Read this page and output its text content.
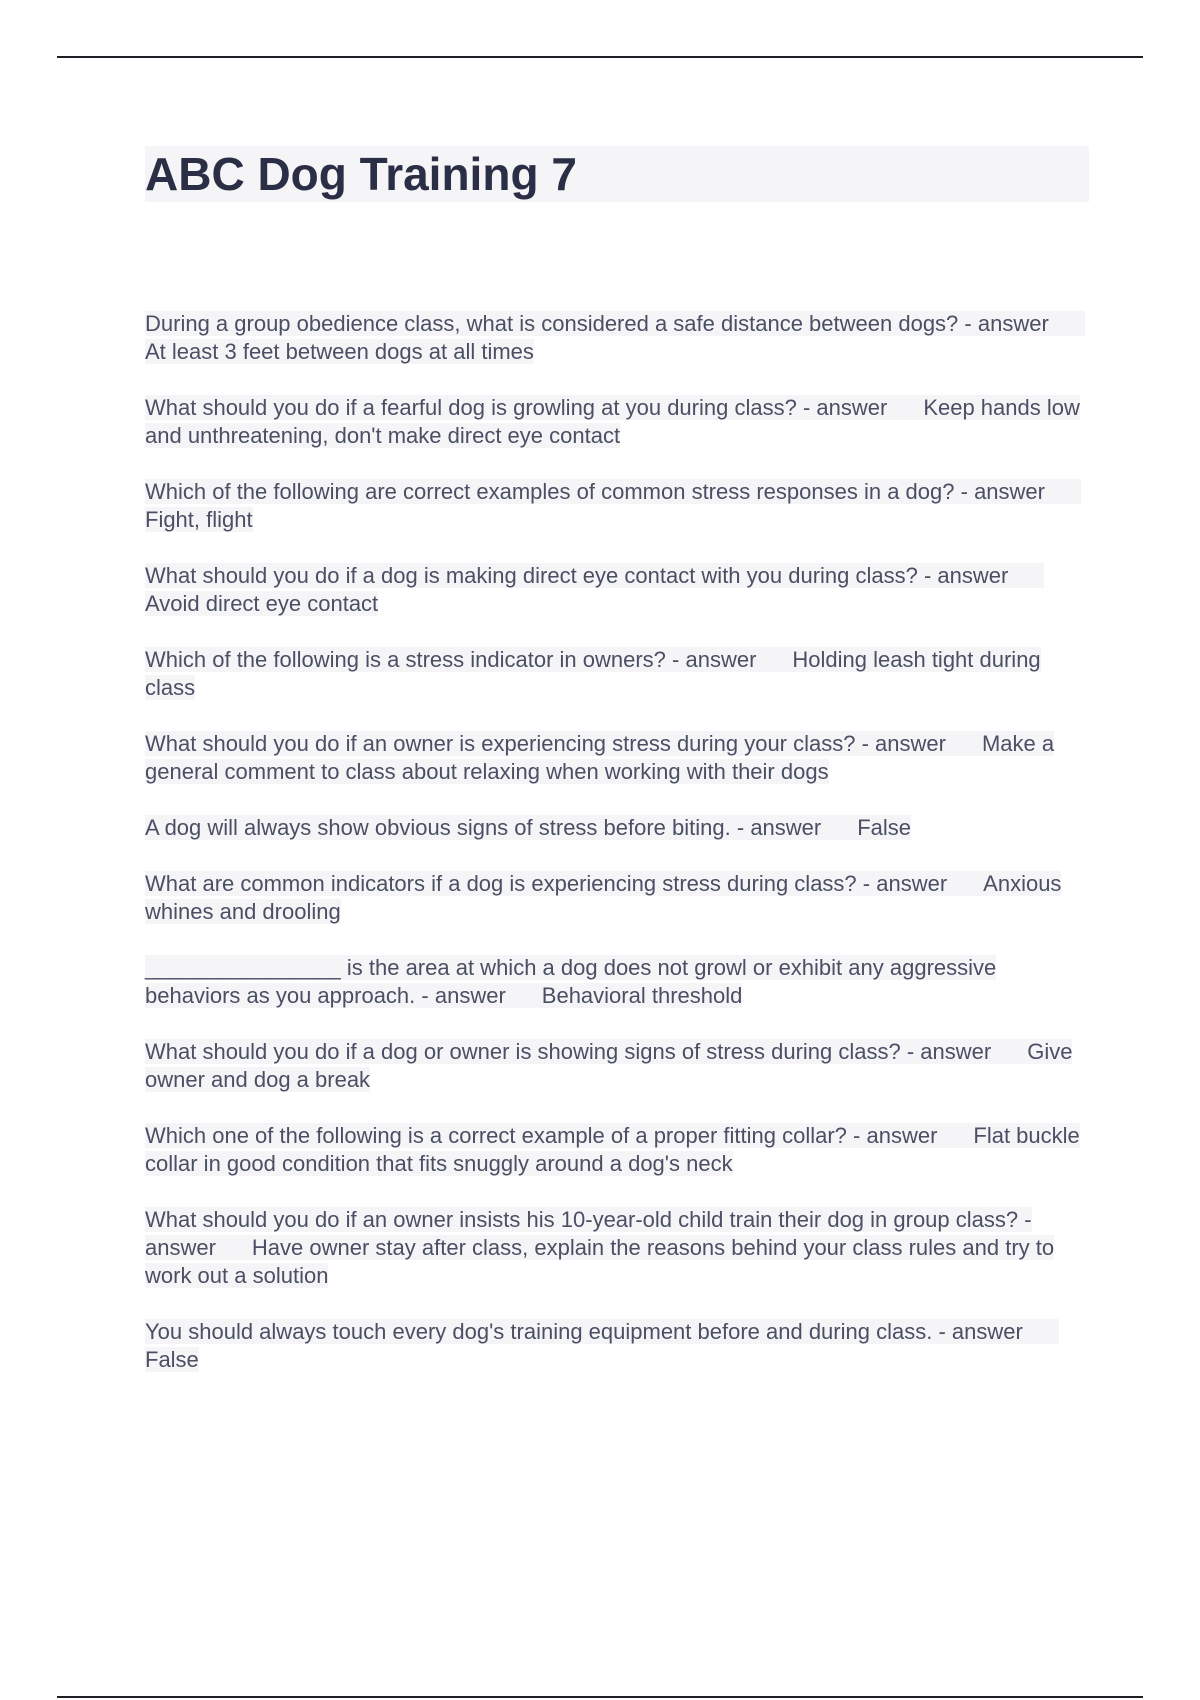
ABC Dog Training 7
During a group obedience class, what is considered a safe distance between dogs? - answerAt least 3 feet between dogs at all times
What should you do if a fearful dog is growling at you during class? - answer Keep hands low and unthreatening, don't make direct eye contact
Which of the following are correct examples of common stress responses in a dog? - answerFight, flight
What should you do if a dog is making direct eye contact with you during class? - answerAvoid direct eye contact
Which of the following is a stress indicator in owners? - answer Holding leash tight during class
What should you do if an owner is experiencing stress during your class? - answer Make a general comment to class about relaxing when working with their dogs
A dog will always show obvious signs of stress before biting. - answer False
What are common indicators if a dog is experiencing stress during class? - answer Anxious whines and drooling
________________ is the area at which a dog does not growl or exhibit any aggressive behaviors as you approach. - answer Behavioral threshold
What should you do if a dog or owner is showing signs of stress during class? - answer Give owner and dog a break
Which one of the following is a correct example of a proper fitting collar? - answer Flat buckle collar in good condition that fits snuggly around a dog's neck
What should you do if an owner insists his 10-year-old child train their dog in group class? - answer Have owner stay after class, explain the reasons behind your class rules and try to work out a solution
You should always touch every dog's training equipment before and during class. - answerFalse
